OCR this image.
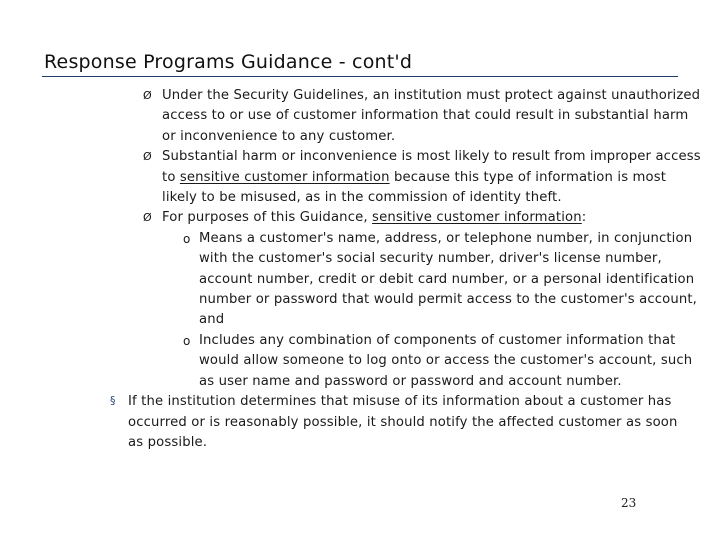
Response Programs Guidance - cont'd
Ø Under the Security Guidelines, an institution must protect against unauthorized access to or use of customer information that could result in substantial harm or inconvenience to any customer.
Ø Substantial harm or inconvenience is most likely to result from improper access to sensitive customer information because this type of information is most likely to be misused, as in the commission of identity theft.
Ø For purposes of this Guidance, sensitive customer information:
o Means a customer's name, address, or telephone number, in conjunction with the customer's social security number, driver's license number, account number, credit or debit card number, or a personal identification number or password that would permit access to the customer's account, and
o Includes any combination of components of customer information that would allow someone to log onto or access the customer's account, such as user name and password or password and account number.
§ If the institution determines that misuse of its information about a customer has occurred or is reasonably possible, it should notify the affected customer as soon as possible.
23
